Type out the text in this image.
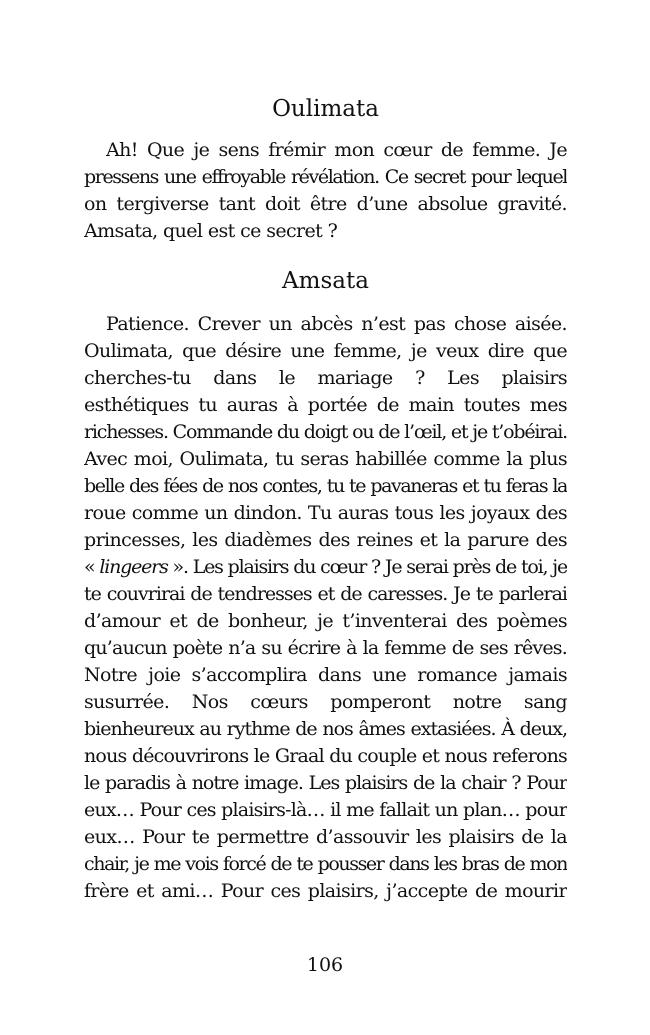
Oulimata
Ah! Que je sens frémir mon cœur de femme. Je
pressens une effroyable révélation. Ce secret pour lequel
on tergiverse tant doit être d’une absolue gravité.
Amsata, quel est ce secret ?
Amsata
Patience. Crever un abcès n’est pas chose aisée.
Oulimata, que désire une femme, je veux dire que
cherches-tu dans le mariage ? Les plaisirs
esthétiques tu auras à portée de main toutes mes
richesses. Commande du doigt ou de l’œil, et je t’obéirai.
Avec moi, Oulimata, tu seras habillée comme la plus
belle des fées de nos contes, tu te pavaneras et tu feras la
roue comme un dindon. Tu auras tous les joyaux des
princesses, les diadèmes des reines et la parure des
« lingeers ». Les plaisirs du cœur ? Je serai près de toi, je
te couvrirai de tendresses et de caresses. Je te parlerai
d’amour et de bonheur, je t’inventerai des poèmes
qu’aucun poète n’a su écrire à la femme de ses rêves.
Notre joie s’accomplira dans une romance jamais
susurrée. Nos cœurs pomperont notre sang
bienheureux au rythme de nos âmes extasiées. À deux,
nous découvrirons le Graal du couple et nous referons
le paradis à notre image. Les plaisirs de la chair ? Pour
eux… Pour ces plaisirs-là… il me fallait un plan… pour
eux… Pour te permettre d’assouvir les plaisirs de la
chair, je me vois forcé de te pousser dans les bras de mon
frère et ami… Pour ces plaisirs, j’accepte de mourir
106
